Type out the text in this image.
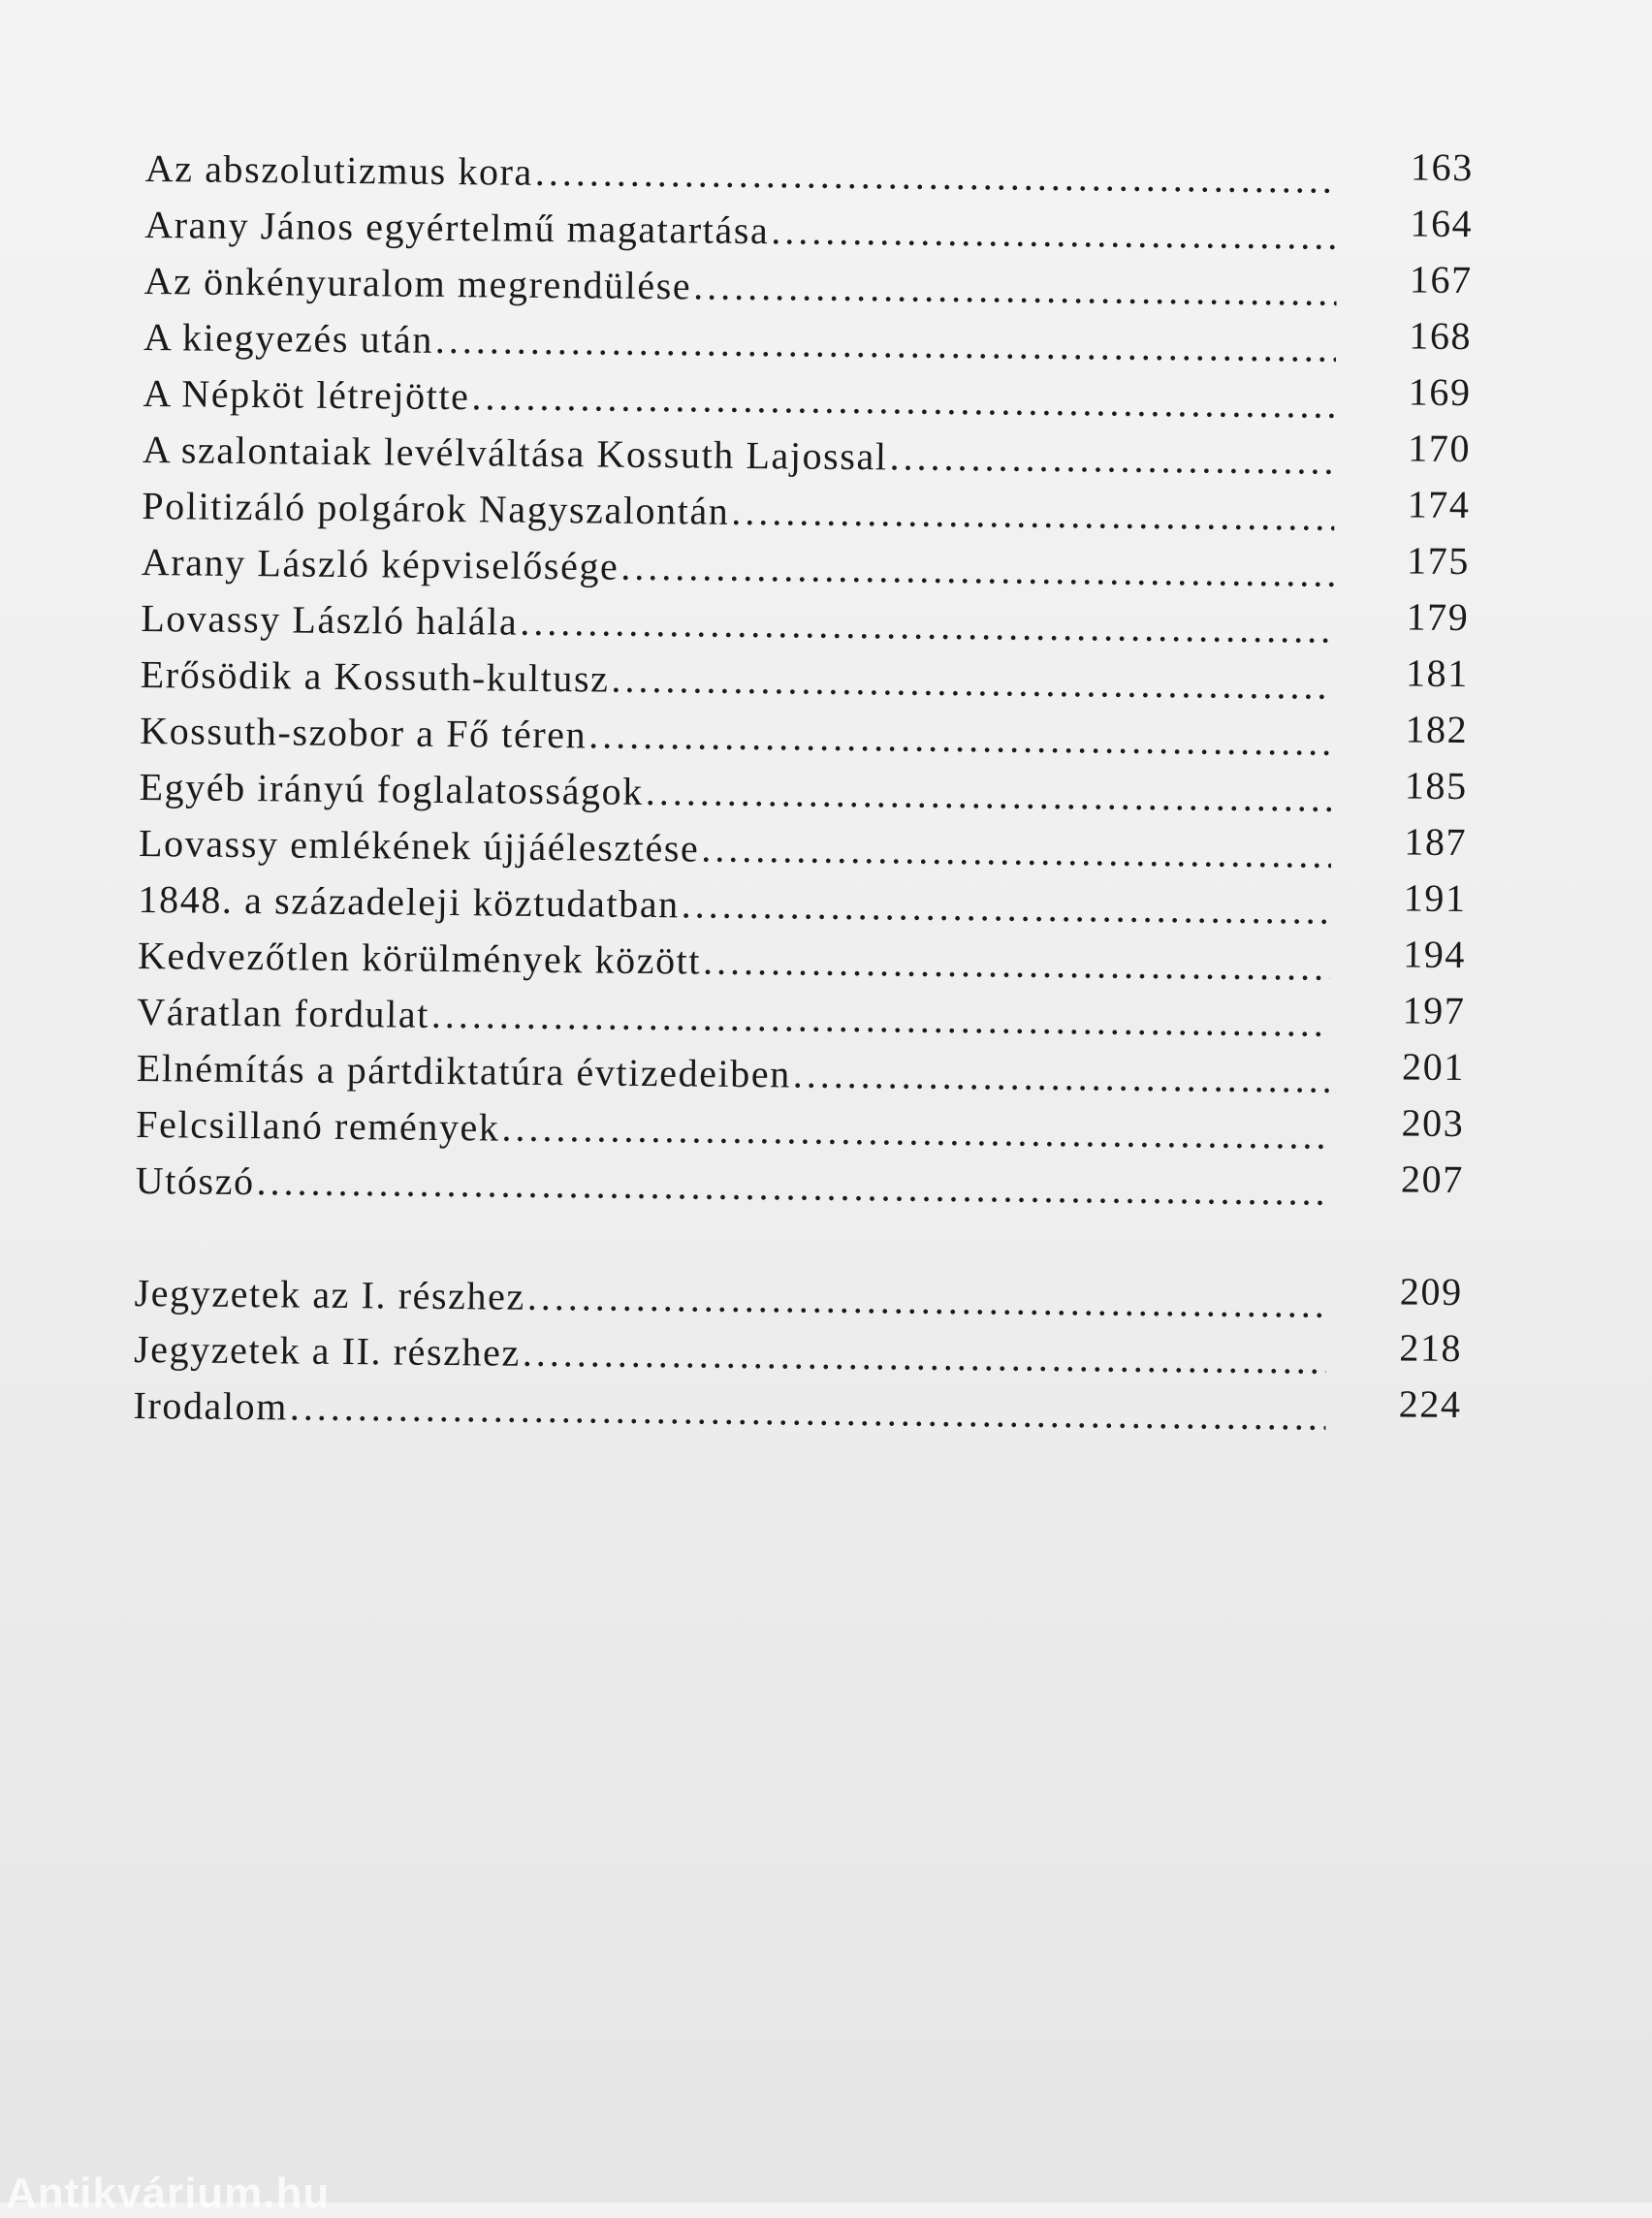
Az abszolutizmus kora .....	163
Arany János egyértelmű magatartása .....	164
Az önkényuralom megrendülése .....	167
A kiegyezés után .....	168
A Népköt létrejötte .....	169
A szalontaiak levélváltása Kossuth Lajossal .....	170
Politizáló polgárok Nagyszalontán .....	174
Arany László képviselősége .....	175
Lovassy László halála .....	179
Erősödik a Kossuth-kultusz .....	181
Kossuth-szobor a Fő téren .....	182
Egyéb irányú foglalatosságok .....	185
Lovassy emlékének újjáélesztése .....	187
1848. a századeleji köztudatban .....	191
Kedvezőtlen körülmények között .....	194
Váratlan fordulat .....	197
Elnémítás a pártdiktatúra évtizedeiben .....	201
Felcsillanó remények .....	203
Utószó .....	207
Jegyzetek az I. részhez .....	209
Jegyzetek a II. részhez .....	218
Irodalom .....	224
Antikvárium.hu
